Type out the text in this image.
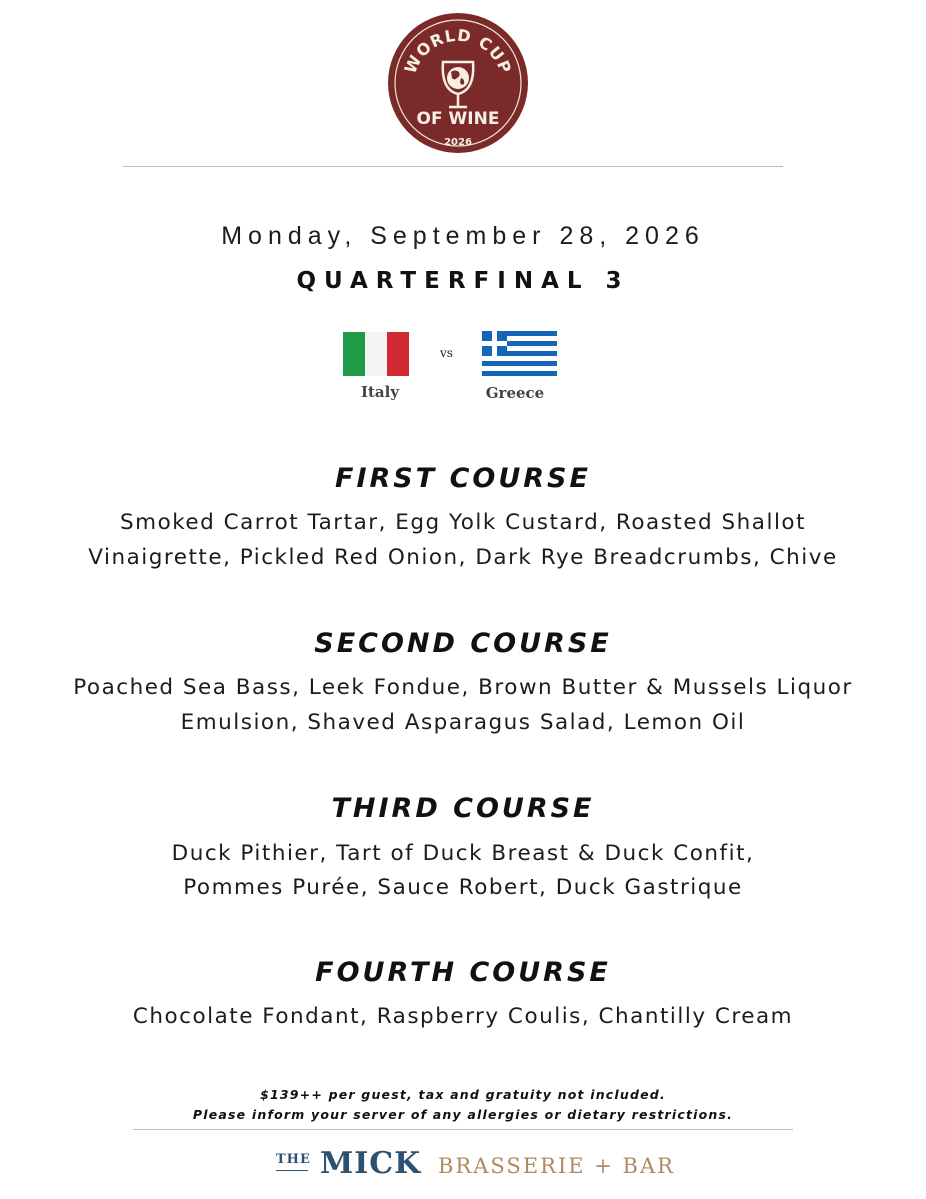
WORLD CUP
OF WINE
2026
Monday, September 28, 2026
QUARTERFINAL 3
Italy
vs
Greece
FIRST COURSE
Smoked Carrot Tartar, Egg Yolk Custard, Roasted Shallot
Vinaigrette, Pickled Red Onion, Dark Rye Breadcrumbs, Chive
SECOND COURSE
Poached Sea Bass, Leek Fondue, Brown Butter & Mussels Liquor
Emulsion, Shaved Asparagus Salad, Lemon Oil
THIRD COURSE
Duck Pithier, Tart of Duck Breast & Duck Confit,
Pommes Purée, Sauce Robert, Duck Gastrique
FOURTH COURSE
Chocolate Fondant, Raspberry Coulis, Chantilly Cream
$139++ per guest, tax and gratuity not included.
Please inform your server of any allergies or dietary restrictions.
THE MICK BRASSERIE + BAR
